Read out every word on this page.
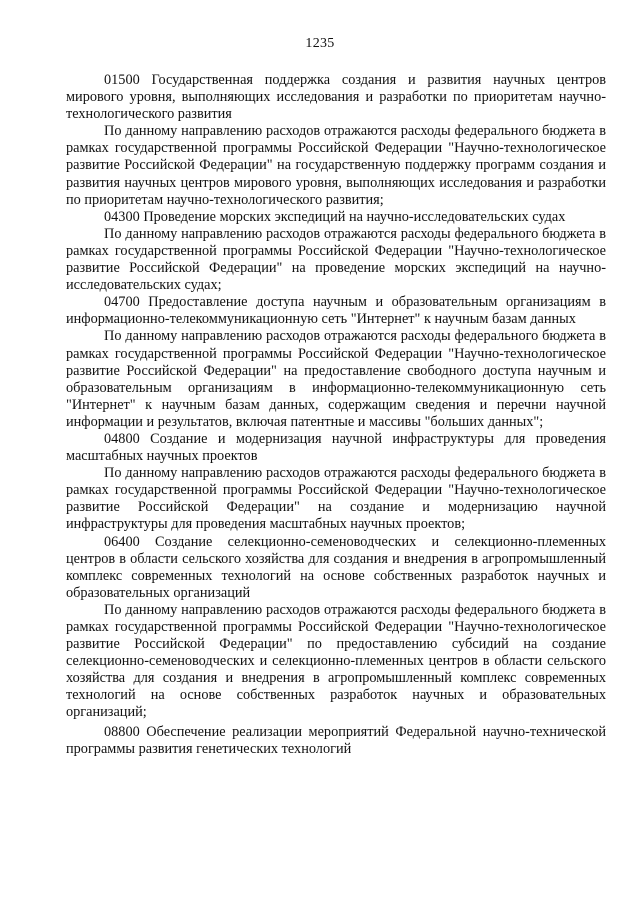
1235

01500 Государственная поддержка создания и развития научных центров мирового уровня, выполняющих исследования и разработки по приоритетам научно-технологического развития

По данному направлению расходов отражаются расходы федерального бюджета в рамках государственной программы Российской Федерации "Научно-технологическое развитие Российской Федерации" на государственную поддержку программ создания и развития научных центров мирового уровня, выполняющих исследования и разработки по приоритетам научно-технологического развития;

04300 Проведение морских экспедиций на научно-исследовательских судах

По данному направлению расходов отражаются расходы федерального бюджета в рамках государственной программы Российской Федерации "Научно-технологическое развитие Российской Федерации" на проведение морских экспедиций на научно-исследовательских судах;

04700 Предоставление доступа научным и образовательным организациям в информационно-телекоммуникационную сеть "Интернет" к научным базам данных

По данному направлению расходов отражаются расходы федерального бюджета в рамках государственной программы Российской Федерации "Научно-технологическое развитие Российской Федерации" на предоставление свободного доступа научным и образовательным организациям в информационно-телекоммуникационную сеть "Интернет" к научным базам данных, содержащим сведения и перечни научной информации и результатов, включая патентные и массивы "больших данных";

04800 Создание и модернизация научной инфраструктуры для проведения масштабных научных проектов

По данному направлению расходов отражаются расходы федерального бюджета в рамках государственной программы Российской Федерации "Научно-технологическое развитие Российской Федерации" на создание и модернизацию научной инфраструктуры для проведения масштабных научных проектов;

06400 Создание селекционно-семеноводческих и селекционно-племенных центров в области сельского хозяйства для создания и внедрения в агропромышленный комплекс современных технологий на основе собственных разработок научных и образовательных организаций

По данному направлению расходов отражаются расходы федерального бюджета в рамках государственной программы Российской Федерации "Научно-технологическое развитие Российской Федерации" по предоставлению субсидий на создание селекционно-семеноводческих и селекционно-племенных центров в области сельского хозяйства для создания и внедрения в агропромышленный комплекс современных технологий на основе собственных разработок научных и образовательных организаций;

08800 Обеспечение реализации мероприятий Федеральной научно-технической программы развития генетических технологий
